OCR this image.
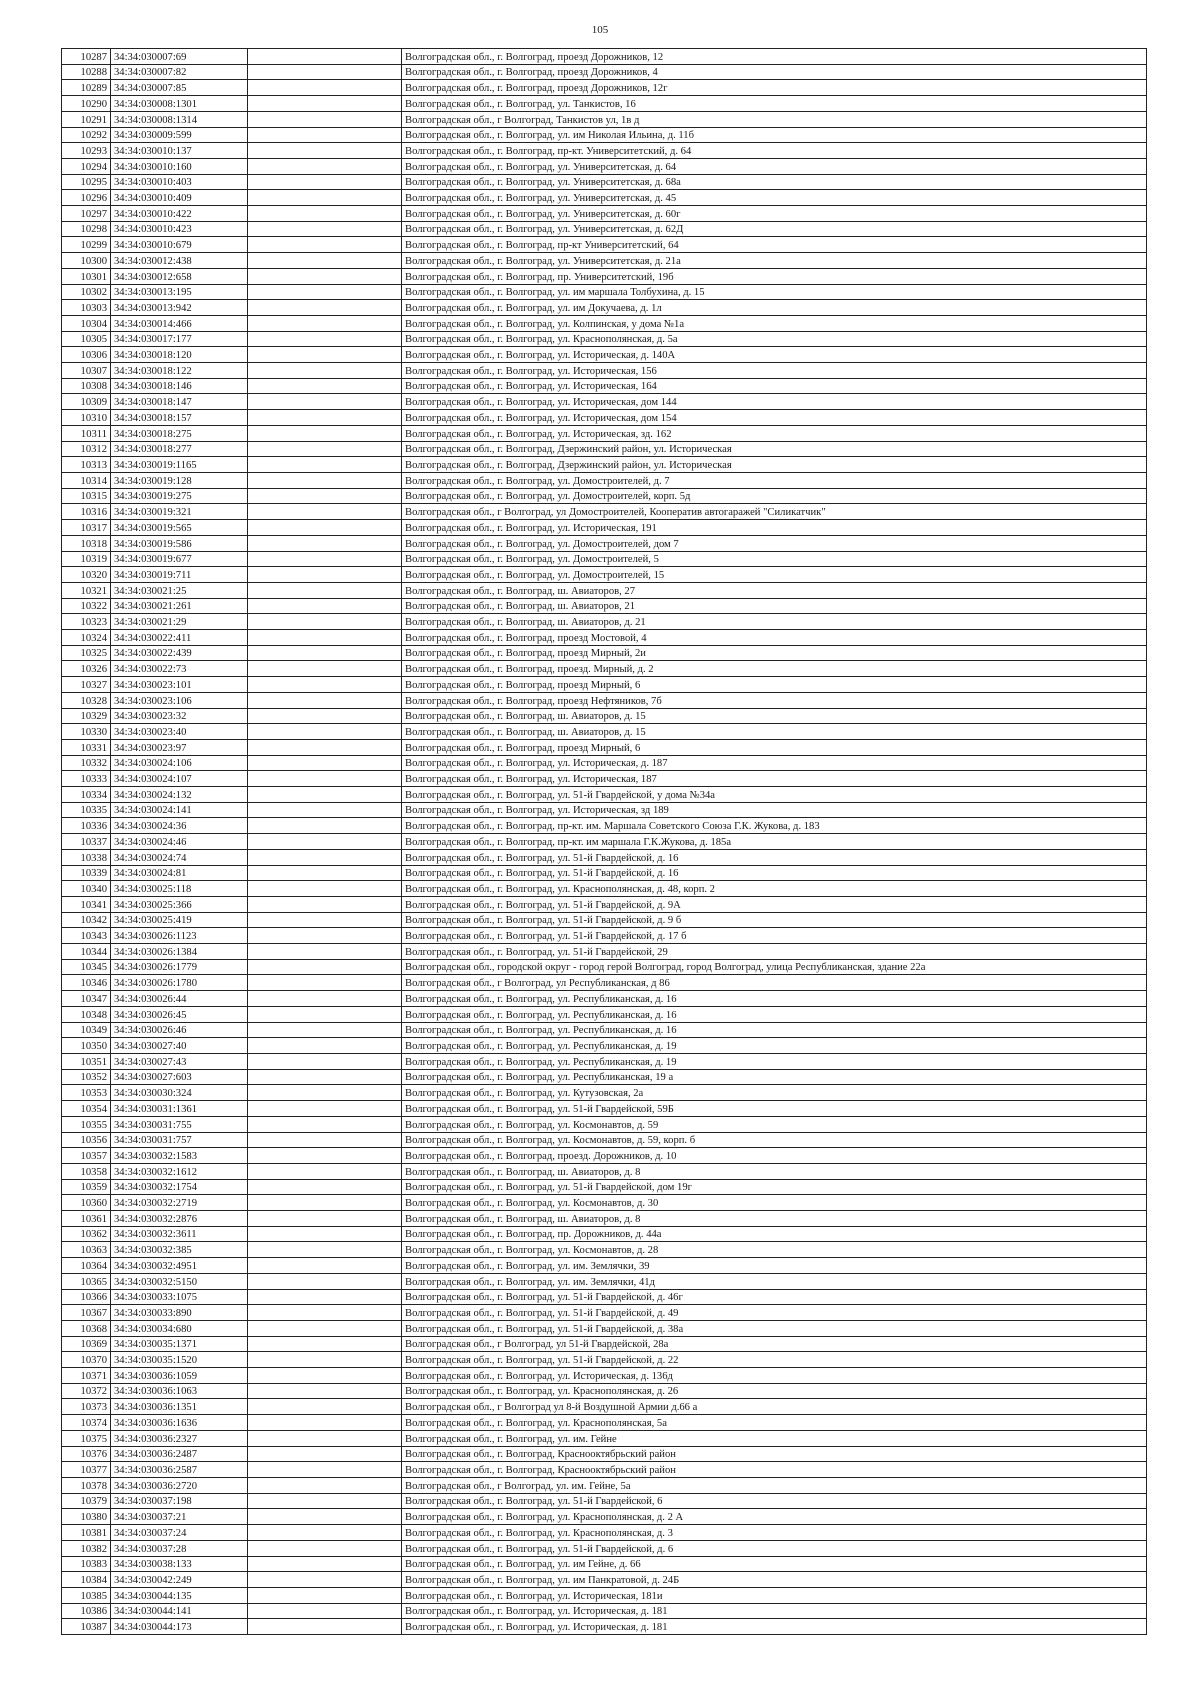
105
10287	34:34:030007:69		Волгоградская обл., г. Волгоград, проезд Дорожников, 12
10288	34:34:030007:82		Волгоградская обл., г. Волгоград, проезд Дорожников, 4
10289	34:34:030007:85		Волгоградская обл., г. Волгоград, проезд Дорожников, 12г
10290	34:34:030008:1301		Волгоградская обл., г. Волгоград, ул. Танкистов, 16
10291	34:34:030008:1314		Волгоградская обл., г Волгоград, Танкистов ул, 1в д
10292	34:34:030009:599		Волгоградская обл., г. Волгоград, ул. им Николая Ильина, д. 11б
10293	34:34:030010:137		Волгоградская обл., г. Волгоград, пр-кт. Университетский, д. 64
10294	34:34:030010:160		Волгоградская обл., г. Волгоград, ул. Университетская, д. 64
10295	34:34:030010:403		Волгоградская обл., г. Волгоград, ул. Университетская, д. 68а
10296	34:34:030010:409		Волгоградская обл., г. Волгоград, ул. Университетская, д. 45
10297	34:34:030010:422		Волгоградская обл., г. Волгоград, ул. Университетская, д. 60г
10298	34:34:030010:423		Волгоградская обл., г. Волгоград, ул. Университетская, д. 62Д
10299	34:34:030010:679		Волгоградская обл., г. Волгоград, пр-кт Университетский, 64
10300	34:34:030012:438		Волгоградская обл., г. Волгоград, ул. Университетская, д. 21а
10301	34:34:030012:658		Волгоградская обл., г. Волгоград, пр. Университетский, 19б
10302	34:34:030013:195		Волгоградская обл., г. Волгоград, ул. им маршала Толбухина, д. 15
10303	34:34:030013:942		Волгоградская обл., г. Волгоград, ул. им Докучаева, д. 1л
10304	34:34:030014:466		Волгоградская обл., г. Волгоград, ул. Колпинская, у дома №1а
10305	34:34:030017:177		Волгоградская обл., г. Волгоград, ул. Краснополянская, д. 5а
10306	34:34:030018:120		Волгоградская обл., г. Волгоград, ул. Историческая, д. 140А
10307	34:34:030018:122		Волгоградская обл., г. Волгоград, ул. Историческая, 156
10308	34:34:030018:146		Волгоградская обл., г. Волгоград, ул. Историческая, 164
10309	34:34:030018:147		Волгоградская обл., г. Волгоград, ул. Историческая, дом 144
10310	34:34:030018:157		Волгоградская обл., г. Волгоград, ул. Историческая, дом 154
10311	34:34:030018:275		Волгоградская обл., г. Волгоград, ул. Историческая, зд. 162
10312	34:34:030018:277		Волгоградская обл., г. Волгоград, Дзержинский район, ул. Историческая
10313	34:34:030019:1165		Волгоградская обл., г. Волгоград, Дзержинский район, ул. Историческая
10314	34:34:030019:128		Волгоградская обл., г. Волгоград, ул. Домостроителей, д. 7
10315	34:34:030019:275		Волгоградская обл., г. Волгоград, ул. Домостроителей, корп. 5д
10316	34:34:030019:321		Волгоградская обл., г Волгоград, ул Домостроителей, Кооператив автогаражей "Силикатчик"
10317	34:34:030019:565		Волгоградская обл., г. Волгоград, ул. Историческая, 191
10318	34:34:030019:586		Волгоградская обл., г. Волгоград, ул. Домостроителей, дом 7
10319	34:34:030019:677		Волгоградская обл., г. Волгоград, ул. Домостроителей, 5
10320	34:34:030019:711		Волгоградская обл., г. Волгоград, ул. Домостроителей, 15
10321	34:34:030021:25		Волгоградская обл., г. Волгоград, ш. Авиаторов, 27
10322	34:34:030021:261		Волгоградская обл., г. Волгоград, ш. Авиаторов, 21
10323	34:34:030021:29		Волгоградская обл., г. Волгоград, ш. Авиаторов, д. 21
10324	34:34:030022:411		Волгоградская обл., г. Волгоград, проезд Мостовой, 4
10325	34:34:030022:439		Волгоградская обл., г. Волгоград, проезд Мирный, 2и
10326	34:34:030022:73		Волгоградская обл., г. Волгоград, проезд. Мирный, д. 2
10327	34:34:030023:101		Волгоградская обл., г. Волгоград, проезд Мирный, 6
10328	34:34:030023:106		Волгоградская обл., г. Волгоград, проезд Нефтяников, 7б
10329	34:34:030023:32		Волгоградская обл., г. Волгоград, ш. Авиаторов, д. 15
10330	34:34:030023:40		Волгоградская обл., г. Волгоград, ш. Авиаторов, д. 15
10331	34:34:030023:97		Волгоградская обл., г. Волгоград, проезд Мирный, 6
10332	34:34:030024:106		Волгоградская обл., г. Волгоград, ул. Историческая, д. 187
10333	34:34:030024:107		Волгоградская обл., г. Волгоград, ул. Историческая, 187
10334	34:34:030024:132		Волгоградская обл., г. Волгоград, ул. 51-й Гвардейской, у дома №34а
10335	34:34:030024:141		Волгоградская обл., г. Волгоград, ул. Историческая, зд 189
10336	34:34:030024:36		Волгоградская обл., г. Волгоград, пр-кт. им. Маршала Советского Союза Г.К. Жукова, д. 183
10337	34:34:030024:46		Волгоградская обл., г. Волгоград, пр-кт. им маршала Г.К.Жукова, д. 185а
10338	34:34:030024:74		Волгоградская обл., г. Волгоград, ул. 51-й Гвардейской, д. 16
10339	34:34:030024:81		Волгоградская обл., г. Волгоград, ул. 51-й Гвардейской, д. 16
10340	34:34:030025:118		Волгоградская обл., г. Волгоград, ул. Краснополянская, д. 48, корп. 2
10341	34:34:030025:366		Волгоградская обл., г. Волгоград, ул. 51-й Гвардейской, д. 9А
10342	34:34:030025:419		Волгоградская обл., г. Волгоград, ул. 51-й Гвардейской, д. 9 б
10343	34:34:030026:1123		Волгоградская обл., г. Волгоград, ул. 51-й Гвардейской, д. 17 б
10344	34:34:030026:1384		Волгоградская обл., г. Волгоград, ул. 51-й Гвардейской, 29
10345	34:34:030026:1779		Волгоградская обл., городской округ - город герой Волгоград, город Волгоград, улица Республиканская, здание 22а
10346	34:34:030026:1780		Волгоградская обл., г Волгоград, ул Республиканская, д 86
10347	34:34:030026:44		Волгоградская обл., г. Волгоград, ул. Республиканская, д. 16
10348	34:34:030026:45		Волгоградская обл., г. Волгоград, ул. Республиканская, д. 16
10349	34:34:030026:46		Волгоградская обл., г. Волгоград, ул. Республиканская, д. 16
10350	34:34:030027:40		Волгоградская обл., г. Волгоград, ул. Республиканская, д. 19
10351	34:34:030027:43		Волгоградская обл., г. Волгоград, ул. Республиканская, д. 19
10352	34:34:030027:603		Волгоградская обл., г. Волгоград, ул. Республиканская, 19 а
10353	34:34:030030:324		Волгоградская обл., г. Волгоград, ул. Кутузовская, 2а
10354	34:34:030031:1361		Волгоградская обл., г. Волгоград, ул. 51-й Гвардейской, 59Б
10355	34:34:030031:755		Волгоградская обл., г. Волгоград, ул. Космонавтов, д. 59
10356	34:34:030031:757		Волгоградская обл., г. Волгоград, ул. Космонавтов, д. 59, корп. б
10357	34:34:030032:1583		Волгоградская обл., г. Волгоград, проезд. Дорожников, д. 10
10358	34:34:030032:1612		Волгоградская обл., г. Волгоград, ш. Авиаторов, д. 8
10359	34:34:030032:1754		Волгоградская обл., г. Волгоград, ул. 51-й Гвардейской, дом 19г
10360	34:34:030032:2719		Волгоградская обл., г. Волгоград, ул. Космонавтов, д. 30
10361	34:34:030032:2876		Волгоградская обл., г. Волгоград, ш. Авиаторов, д. 8
10362	34:34:030032:3611		Волгоградская обл., г. Волгоград, пр. Дорожников, д. 44а
10363	34:34:030032:385		Волгоградская обл., г. Волгоград, ул. Космонавтов, д. 28
10364	34:34:030032:4951		Волгоградская обл., г. Волгоград, ул. им. Землячки, 39
10365	34:34:030032:5150		Волгоградская обл., г. Волгоград, ул. им. Землячки, 41д
10366	34:34:030033:1075		Волгоградская обл., г. Волгоград, ул. 51-й Гвардейской, д. 46г
10367	34:34:030033:890		Волгоградская обл., г. Волгоград, ул. 51-й Гвардейской, д. 49
10368	34:34:030034:680		Волгоградская обл., г. Волгоград, ул. 51-й Гвардейской, д. 38а
10369	34:34:030035:1371		Волгоградская обл., г Волгоград, ул 51-й Гвардейской, 28а
10370	34:34:030035:1520		Волгоградская обл., г. Волгоград, ул. 51-й Гвардейской, д. 22
10371	34:34:030036:1059		Волгоградская обл., г. Волгоград, ул. Историческая, д. 136д
10372	34:34:030036:1063		Волгоградская обл., г. Волгоград, ул. Краснополянская, д. 26
10373	34:34:030036:1351		Волгоградская обл., г Волгоград ул 8-й Воздушной Армии д.66 а
10374	34:34:030036:1636		Волгоградская обл., г. Волгоград, ул. Краснополянская, 5а
10375	34:34:030036:2327		Волгоградская обл., г. Волгоград, ул. им. Гейне
10376	34:34:030036:2487		Волгоградская обл., г. Волгоград, Краснооктябрьский район
10377	34:34:030036:2587		Волгоградская обл., г. Волгоград, Краснооктябрьский район
10378	34:34:030036:2720		Волгоградская обл., г Волгоград, ул. им. Гейне, 5а
10379	34:34:030037:198		Волгоградская обл., г. Волгоград, ул. 51-й Гвардейской, 6
10380	34:34:030037:21		Волгоградская обл., г. Волгоград, ул. Краснополянская, д. 2 А
10381	34:34:030037:24		Волгоградская обл., г. Волгоград, ул. Краснополянская, д. 3
10382	34:34:030037:28		Волгоградская обл., г. Волгоград, ул. 51-й Гвардейской, д. 6
10383	34:34:030038:133		Волгоградская обл., г. Волгоград, ул. им Гейне, д. 66
10384	34:34:030042:249		Волгоградская обл., г. Волгоград, ул. им Панкратовой, д. 24Б
10385	34:34:030044:135		Волгоградская обл., г. Волгоград, ул. Историческая, 181и
10386	34:34:030044:141		Волгоградская обл., г. Волгоград, ул. Историческая, д. 181
10387	34:34:030044:173		Волгоградская обл., г. Волгоград, ул. Историческая, д. 181
